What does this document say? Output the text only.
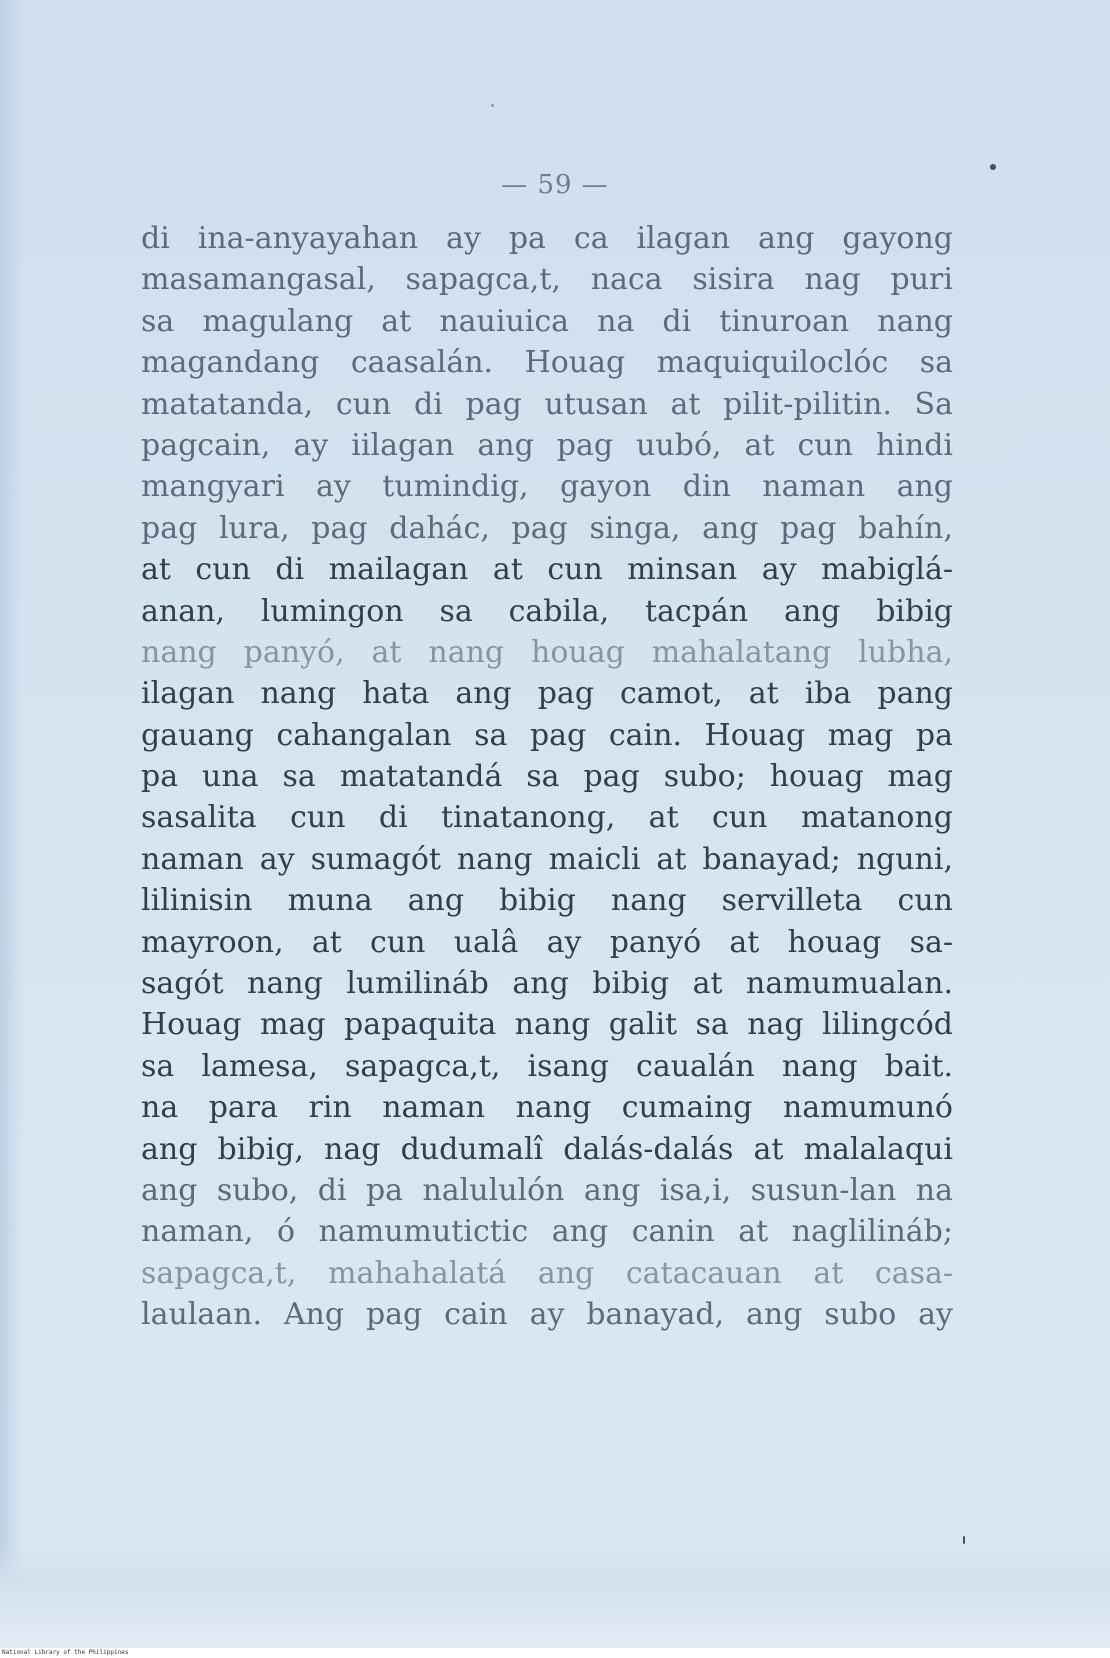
— 59 —
di ina-anyayahan ay pa ca ilagan ang gayong
masamangasal, sapagca,t, naca sisira nag puri
sa magulang at nauiuica na di tinuroan nang
magandang caasalán. Houag maquiquiloclóc sa
matatanda, cun di pag utusan at pilit-pilitin. Sa
pagcain, ay iilagan ang pag uubó, at cun hindi
mangyari ay tumindig, gayon din naman ang
pag lura, pag dahác, pag singa, ang pag bahín,
at cun di mailagan at cun minsan ay mabiglá-
anan, lumingon sa cabila, tacpán ang bibig
nang panyó, at nang houag mahalatang lubha,
ilagan nang hata ang pag camot, at iba pang
gauang cahangalan sa pag cain. Houag mag pa
pa una sa matatandá sa pag subo; houag mag
sasalita cun di tinatanong, at cun matanong
naman ay sumagót nang maicli at banayad; nguni,
lilinisin muna ang bibig nang servilleta cun
mayroon, at cun ualâ ay panyó at houag sa-
sagót nang lumilináb ang bibig at namumualan.
Houag mag papaquita nang galit sa nag lilingcód
sa lamesa, sapagca,t, isang caualán nang bait.
na para rin naman nang cumaing namumunó
ang bibig, nag dudumalî dalás-dalás at malalaqui
ang subo, di pa nalululón ang isa,i, susun-lan na
naman, ó namumutictic ang canin at naglilináb;
sapagca,t, mahahalatá ang catacauan at casa-
laulaan. Ang pag cain ay banayad, ang subo ay
National Library of the Philippines
